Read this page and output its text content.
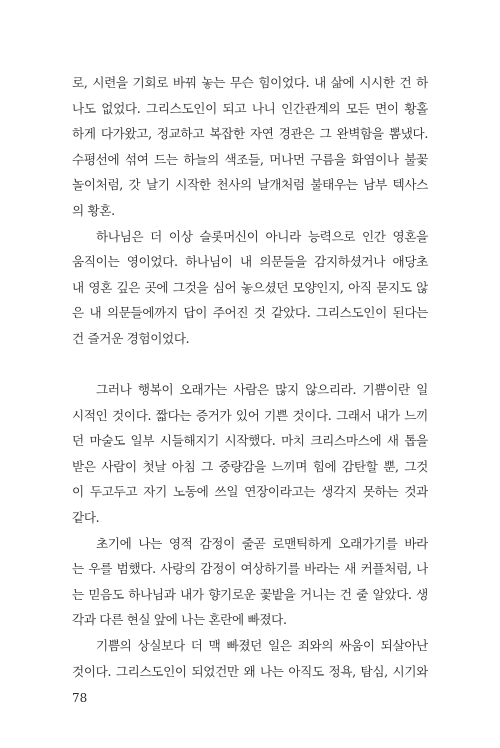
로, 시련을 기회로 바꿔 놓는 무슨 힘이었다. 내 삶에 시시한 건 하
나도 없었다. 그리스도인이 되고 나니 인간관계의 모든 면이 황홀
하게 다가왔고, 정교하고 복잡한 자연 경관은 그 완벽함을 뽐냈다.
수평선에 섞여 드는 하늘의 색조들, 머나먼 구름을 화염이나 불꽃
놀이처럼, 갓 날기 시작한 천사의 날개처럼 불태우는 남부 텍사스
의 황혼.
하나님은 더 이상 슬롯머신이 아니라 능력으로 인간 영혼을
움직이는 영이었다. 하나님이 내 의문들을 감지하셨거나 애당초
내 영혼 깊은 곳에 그것을 심어 놓으셨던 모양인지, 아직 묻지도 않
은 내 의문들에까지 답이 주어진 것 같았다. 그리스도인이 된다는
건 즐거운 경험이었다.
그러나 행복이 오래가는 사람은 많지 않으리라. 기쁨이란 일
시적인 것이다. 짧다는 증거가 있어 기쁜 것이다. 그래서 내가 느끼
던 마술도 일부 시들해지기 시작했다. 마치 크리스마스에 새 톱을
받은 사람이 첫날 아침 그 중량감을 느끼며 힘에 감탄할 뿐, 그것
이 두고두고 자기 노동에 쓰일 연장이라고는 생각지 못하는 것과
같다.
초기에 나는 영적 감정이 줄곧 로맨틱하게 오래가기를 바라
는 우를 범했다. 사랑의 감정이 여상하기를 바라는 새 커플처럼, 나
는 믿음도 하나님과 내가 향기로운 꽃밭을 거니는 건 줄 알았다. 생
각과 다른 현실 앞에 나는 혼란에 빠졌다.
기쁨의 상실보다 더 맥 빠졌던 일은 죄와의 싸움이 되살아난
것이다. 그리스도인이 되었건만 왜 나는 아직도 정욕, 탐심, 시기와
78
